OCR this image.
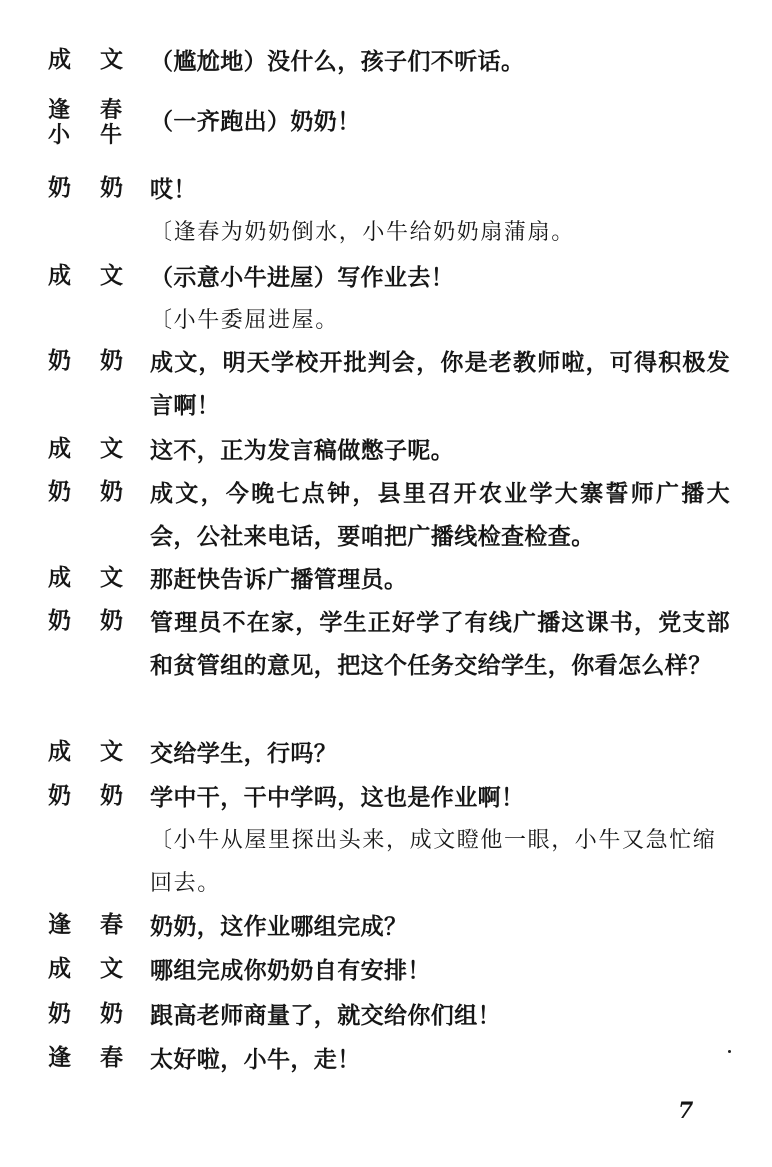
成 文 （尴尬地）没什么，孩子们不听话。
逢 春
小 牛 （一齐跑出）奶奶！
奶 奶 哎！
〔逢春为奶奶倒水，小牛给奶奶扇蒲扇。
成 文 （示意小牛进屋）写作业去！
〔小牛委屈进屋。
奶 奶 成文，明天学校开批判会，你是老教师啦，可得积极发言啊！
成 文 这不，正为发言稿做憋子呢。
奶 奶 成文，今晚七点钟，县里召开农业学大寨誓师广播大会，公社来电话，要咱把广播线检查检查。
成 文 那赶快告诉广播管理员。
奶 奶 管理员不在家，学生正好学了有线广播这课书，党支部和贫管组的意见，把这个任务交给学生，你看怎么样？
成 文 交给学生，行吗？
奶 奶 学中干，干中学吗，这也是作业啊！
〔小牛从屋里探出头来，成文瞪他一眼，小牛又急忙缩回去。
逢 春 奶奶，这作业哪组完成？
成 文 哪组完成你奶奶自有安排！
奶 奶 跟高老师商量了，就交给你们组！
逢 春 太好啦，小牛，走！
7
